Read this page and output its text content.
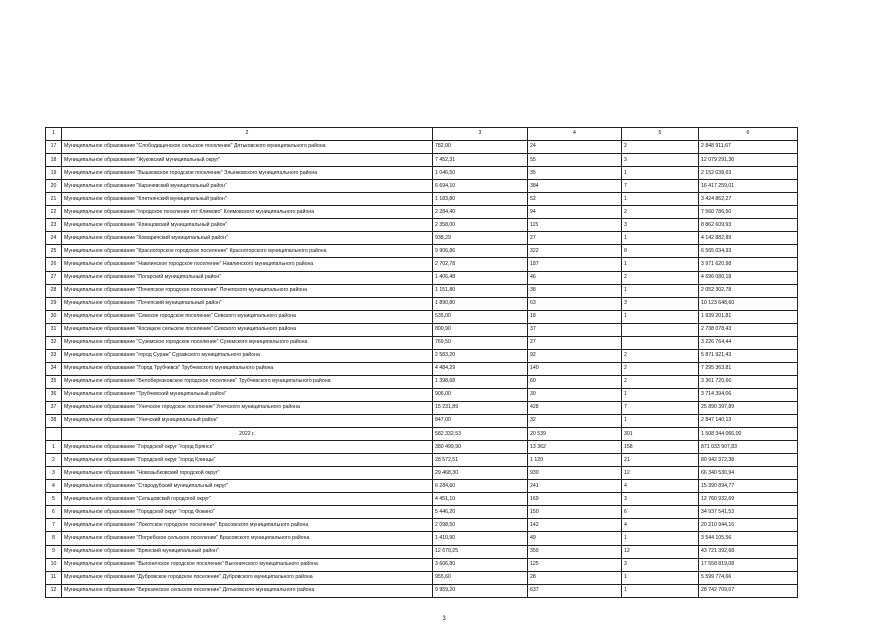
1	2	3	4	5	6
17	Муниципальное образование "Слободищенское сельское поселение" Дятьковского муниципального района	782,00	24	2	2 848 911,67
18	Муниципальное образование "Жуковский муниципальный округ"	7 452,31	55	3	12 079 291,30
19	Муниципальное образование "Вышковское городское поселение" Злынковского муниципального района	1 046,50	35	1	2 152 038,63
20	Муниципальное образование "Карачевский муниципальный район"	6 694,10	384	7	16 417 259,01
21	Муниципальное образование "Клетнянский муниципальный район"	1 183,80	52	1	3 424 862,27
22	Муниципальное образование "городское поселение пгт Климово" Климовского муниципального района	2 284,40	94	2	7 560 786,50
23	Муниципальное образование "Клинцовский муниципальный район"	2 358,00	115	3	8 862 609,93
24	Муниципальное образование "Комаричский муниципальный район"	938,29	27	1	4 142 882,89
25	Муниципальное образование "Красногорское городское поселение" Красногорского муниципального района	9 906,86	322	8	6 565 034,93
26	Муниципальное образование "Навлинское городское поселение" Навлинского муниципального района	2 702,78	187	1	3 971 620,98
27	Муниципальное образование "Погарский муниципальный район"	1 406,48	46	2	4 696 080,18
28	Муниципальное образование "Почепское городское поселение" Почепского муниципального района	1 151,80	38	1	2 052 302,78
29	Муниципальное образование "Почепский муниципальный район"	1 890,80	63	3	10 123 648,60
30	Муниципальное образование "Севское городское поселение" Севского муниципального района	535,00	18	1	1 939 201,81
31	Муниципальное образование "Косицкое сельское поселение" Севского муниципального района	800,90	37		2 738 078,43
32	Муниципальное образование "Суземское городское поселение" Суземского муниципального района	769,50	27		3 226 764,44
33	Муниципальное образование "город Сураж" Суражского муниципального района	2 583,20	92	2	5 871 921,43
34	Муниципальное образование "Город Трубчевск" Трубчевского муниципального района	4 484,29	140	2	7 295 363,81
35	Муниципальное образование "Белоберезковское городское поселение" Трубчевского муниципального района	1 398,68	60	2	3 361 720,66
36	Муниципальное образование "Трубчевский муниципальный район"	906,00	30	1	3 714 394,06
37	Муниципальное образование "Унечское городское поселение" Унечского муниципального района	15 231,89	428	7	25 890 397,89
38	Муниципальное образование "Унечский муниципальный район"	847,00	32	1	2 847 140,13
	2022 г.	582 332,53	20 539	301	1 508 344 066,00
1	Муниципальное образование "Городской округ "город Брянск"	380 499,90	13 362	158	871 033 907,83
2	Муниципальное образование "Городской округ "город Клинцы"	28 572,51	1 120	21	80 942 372,38
3	Муниципальное образование "Новозыбковский городской округ"	29 468,30	930	12	66 340 530,94
4	Муниципальное образование "Стародубский муниципальный округ"	6 284,60	241	4	15 390 894,77
5	Муниципальное образование "Сельцовский городской округ"	4 451,10	169	3	12 760 932,69
6	Муниципальное образование "Городской округ "город Фокино"	5 446,20	150	6	34 937 541,53
7	Муниципальное образование "Локотское городское поселение" Брасовского муниципального района	2 098,50	142	4	20 210 944,16
8	Муниципальное образование "Погребское сельское поселение" Брасовского муниципального района	1 410,90	49	1	3 544 105,56
9	Муниципальное образование "Брянский муниципальный район"	12 670,25	359	12	43 721 392,68
10	Муниципальное образование "Выгоничское городское поселение" Выгоничского муниципального района	3 606,80	125	3	17 558 819,08
11	Муниципальное образование "Дубровское городское поселение" Дубровского муниципального района	955,60	28	1	5 599 774,66
12	Муниципальное образование "Березинское сельское поселение" Дятьковского муниципального района	9 959,20	637	1	28 742 709,07
3
